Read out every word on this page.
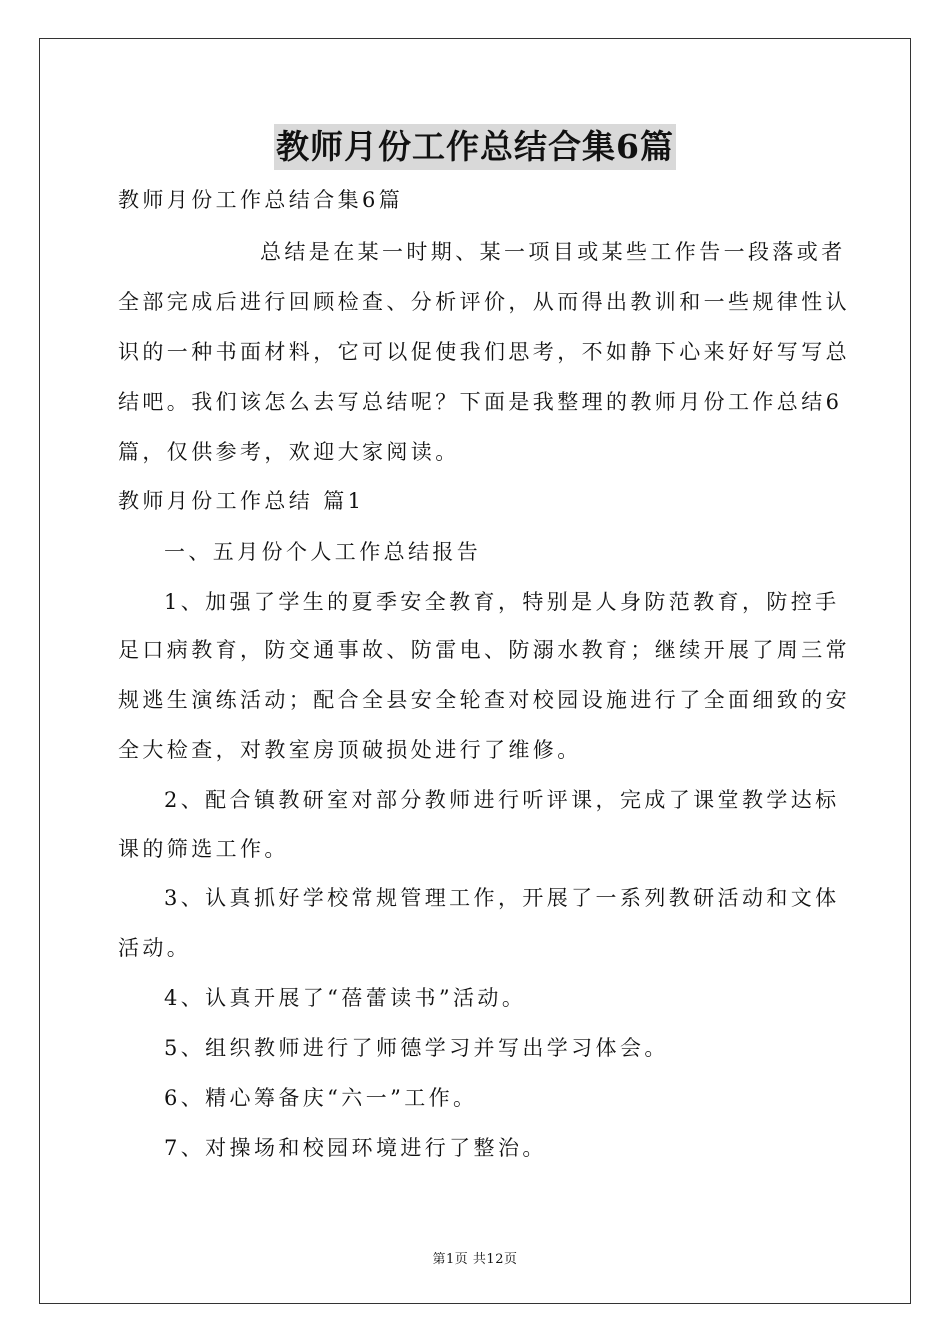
教师月份工作总结合集6篇
教师月份工作总结合集6篇
总结是在某一时期、某一项目或某些工作告一段落或者
全部完成后进行回顾检查、分析评价，从而得出教训和一些规律性认
识的一种书面材料，它可以促使我们思考，不如静下心来好好写写总
结吧。我们该怎么去写总结呢？下面是我整理的教师月份工作总结6
篇，仅供参考，欢迎大家阅读。
教师月份工作总结 篇1
一、五月份个人工作总结报告
1、加强了学生的夏季安全教育，特别是人身防范教育，防控手
足口病教育，防交通事故、防雷电、防溺水教育；继续开展了周三常
规逃生演练活动；配合全县安全轮查对校园设施进行了全面细致的安
全大检查，对教室房顶破损处进行了维修。
2、配合镇教研室对部分教师进行听评课，完成了课堂教学达标
课的筛选工作。
3、认真抓好学校常规管理工作，开展了一系列教研活动和文体
活动。
4、认真开展了“蓓蕾读书”活动。
5、组织教师进行了师德学习并写出学习体会。
6、精心筹备庆“六一”工作。
7、对操场和校园环境进行了整治。
第1页 共12页
